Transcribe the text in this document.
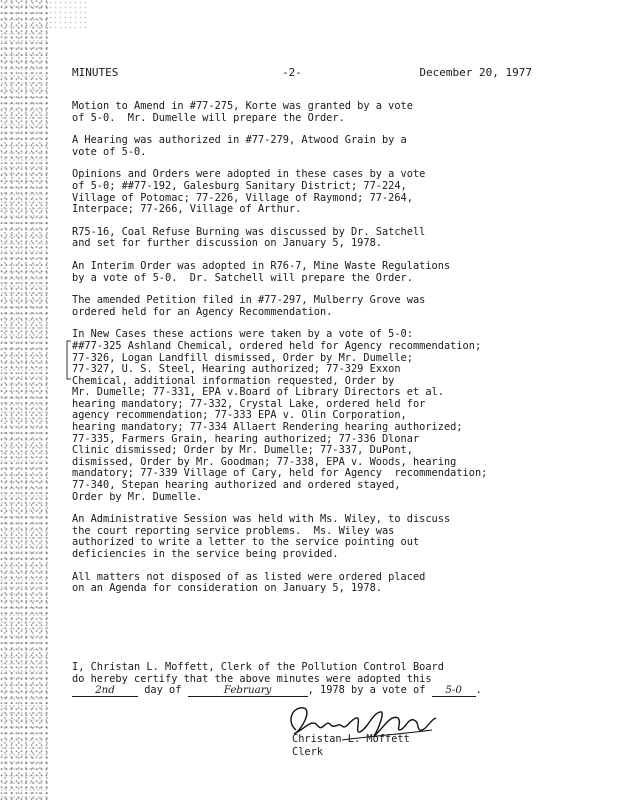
MINUTES	-2-	December 20, 1977
Motion to Amend in #77-275, Korte was granted by a vote
of 5-0.  Mr. Dumelle will prepare the Order.
A Hearing was authorized in #77-279, Atwood Grain by a
vote of 5-0.
Opinions and Orders were adopted in these cases by a vote
of 5-0; ##77-192, Galesburg Sanitary District; 77-224,
Village of Potomac; 77-226, Village of Raymond; 77-264,
Interpace; 77-266, Village of Arthur.
R75-16, Coal Refuse Burning was discussed by Dr. Satchell
and set for further discussion on January 5, 1978.
An Interim Order was adopted in R76-7, Mine Waste Regulations
by a vote of 5-0.  Dr. Satchell will prepare the Order.
The amended Petition filed in #77-297, Mulberry Grove was
ordered held for an Agency Recommendation.
In New Cases these actions were taken by a vote of 5-0:
##77-325 Ashland Chemical, ordered held for Agency recommendation;
77-326, Logan Landfill dismissed, Order by Mr. Dumelle;
77-327, U. S. Steel, Hearing authorized; 77-329 Exxon
Chemical, additional information requested, Order by
Mr. Dumelle; 77-331, EPA v.Board of Library Directors et al.
hearing mandatory; 77-332, Crystal Lake, ordered held for
agency recommendation; 77-333 EPA v. Olin Corporation,
hearing mandatory; 77-334 Allaert Rendering hearing authorized;
77-335, Farmers Grain, hearing authorized; 77-336 Dlonar
Clinic dismissed; Order by Mr. Dumelle; 77-337, DuPont,
dismissed, Order by Mr. Goodman; 77-338, EPA v. Woods, hearing
mandatory; 77-339 Village of Cary, held for Agency  recommendation;
77-340, Stepan hearing authorized and ordered stayed,
Order by Mr. Dumelle.
An Administrative Session was held with Ms. Wiley, to discuss
the court reporting service problems.  Ms. Wiley was
authorized to write a letter to the service pointing out
deficiencies in the service being provided.
All matters not disposed of as listed were ordered placed
on an Agenda for consideration on January 5, 1978.
I, Christan L. Moffett, Clerk of the Pollution Control Board
do hereby certify that the above minutes were adopted this
2nd	day of	February	, 1978 by a vote of 5-0 .
Christan L. Moffett
Clerk
